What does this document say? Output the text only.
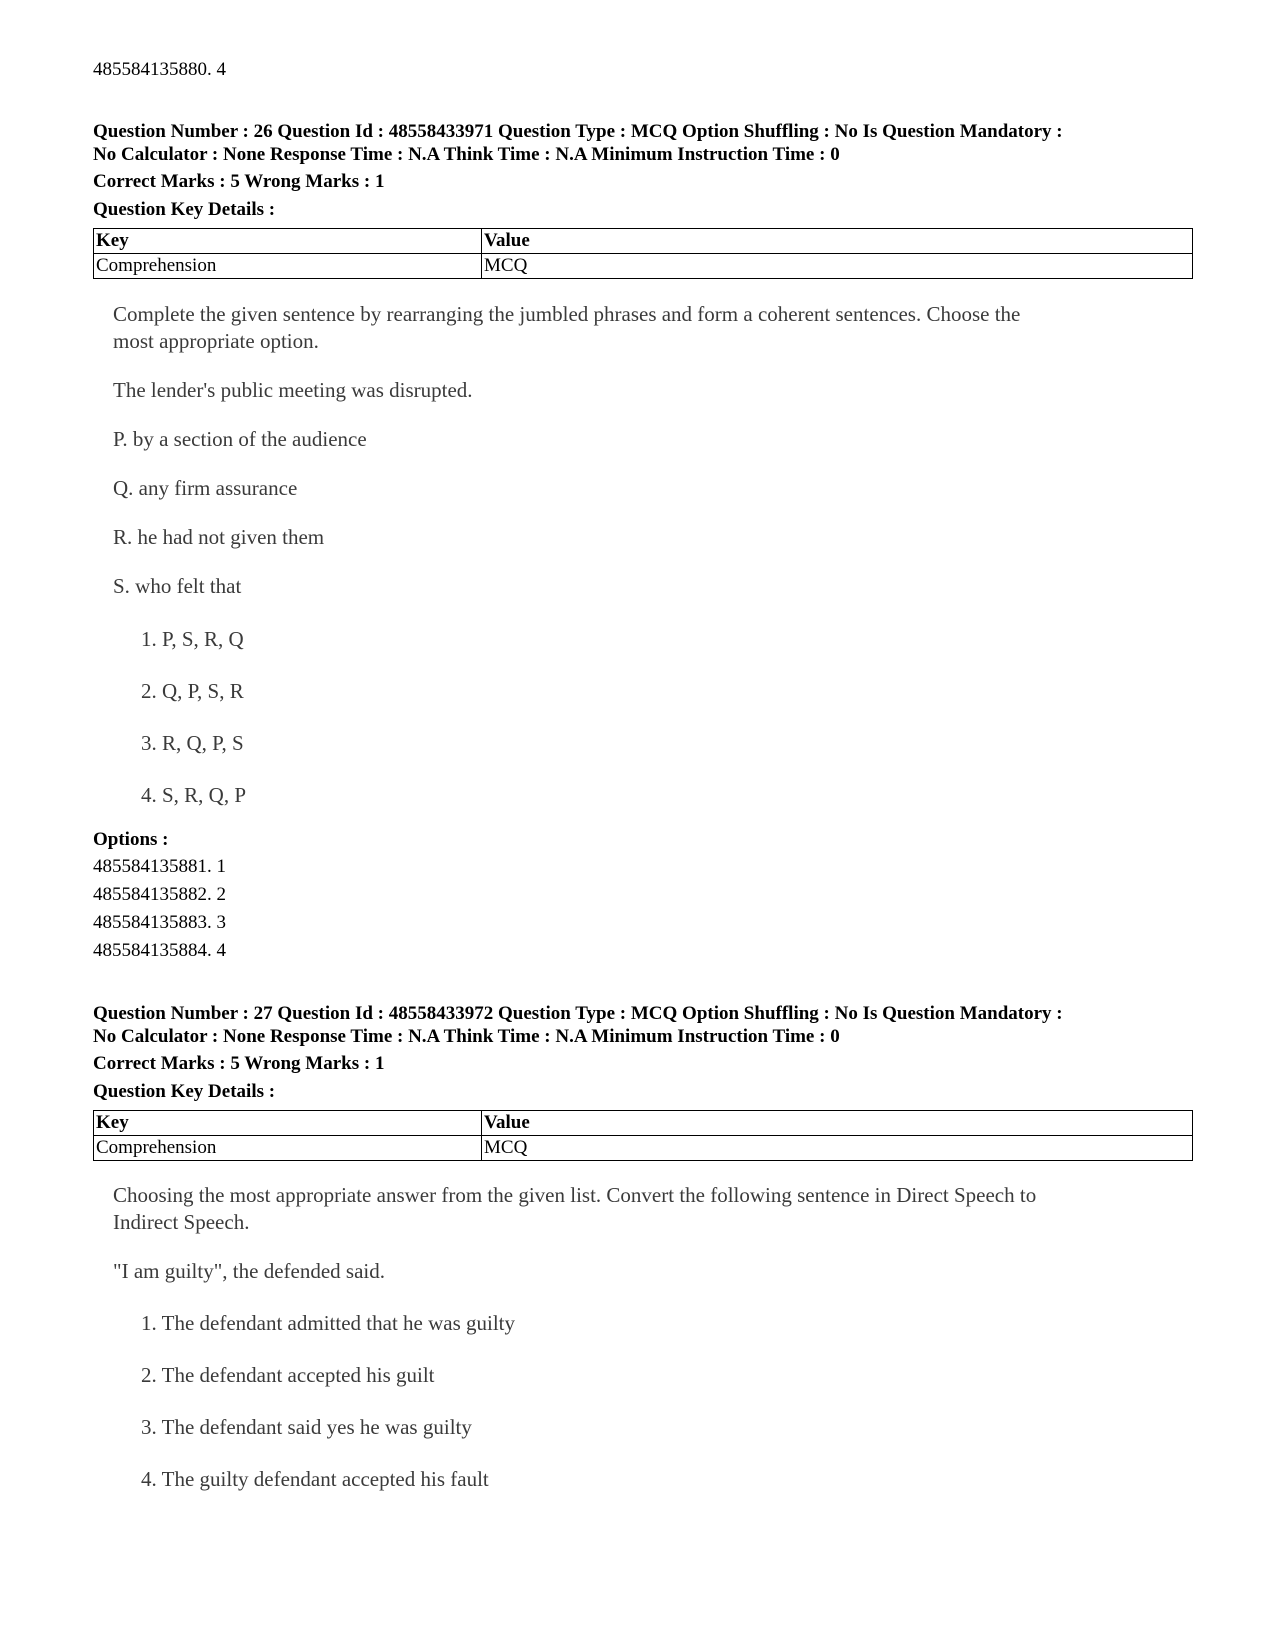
485584135880. 4
Question Number : 26 Question Id : 48558433971 Question Type : MCQ Option Shuffling : No Is Question Mandatory :
No Calculator : None Response Time : N.A Think Time : N.A Minimum Instruction Time : 0
Correct Marks : 5 Wrong Marks : 1
Question Key Details :
Key	Value
Comprehension	MCQ
Complete the given sentence by rearranging the jumbled phrases and form a coherent sentences. Choose the
most appropriate option.
The lender's public meeting was disrupted.
P. by a section of the audience
Q. any firm assurance
R. he had not given them
S. who felt that
1. P, S, R, Q
2. Q, P, S, R
3. R, Q, P, S
4. S, R, Q, P
Options :
485584135881. 1
485584135882. 2
485584135883. 3
485584135884. 4
Question Number : 27 Question Id : 48558433972 Question Type : MCQ Option Shuffling : No Is Question Mandatory :
No Calculator : None Response Time : N.A Think Time : N.A Minimum Instruction Time : 0
Correct Marks : 5 Wrong Marks : 1
Question Key Details :
Key	Value
Comprehension	MCQ
Choosing the most appropriate answer from the given list. Convert the following sentence in Direct Speech to
Indirect Speech.
"I am guilty", the defended said.
1. The defendant admitted that he was guilty
2. The defendant accepted his guilt
3. The defendant said yes he was guilty
4. The guilty defendant accepted his fault
